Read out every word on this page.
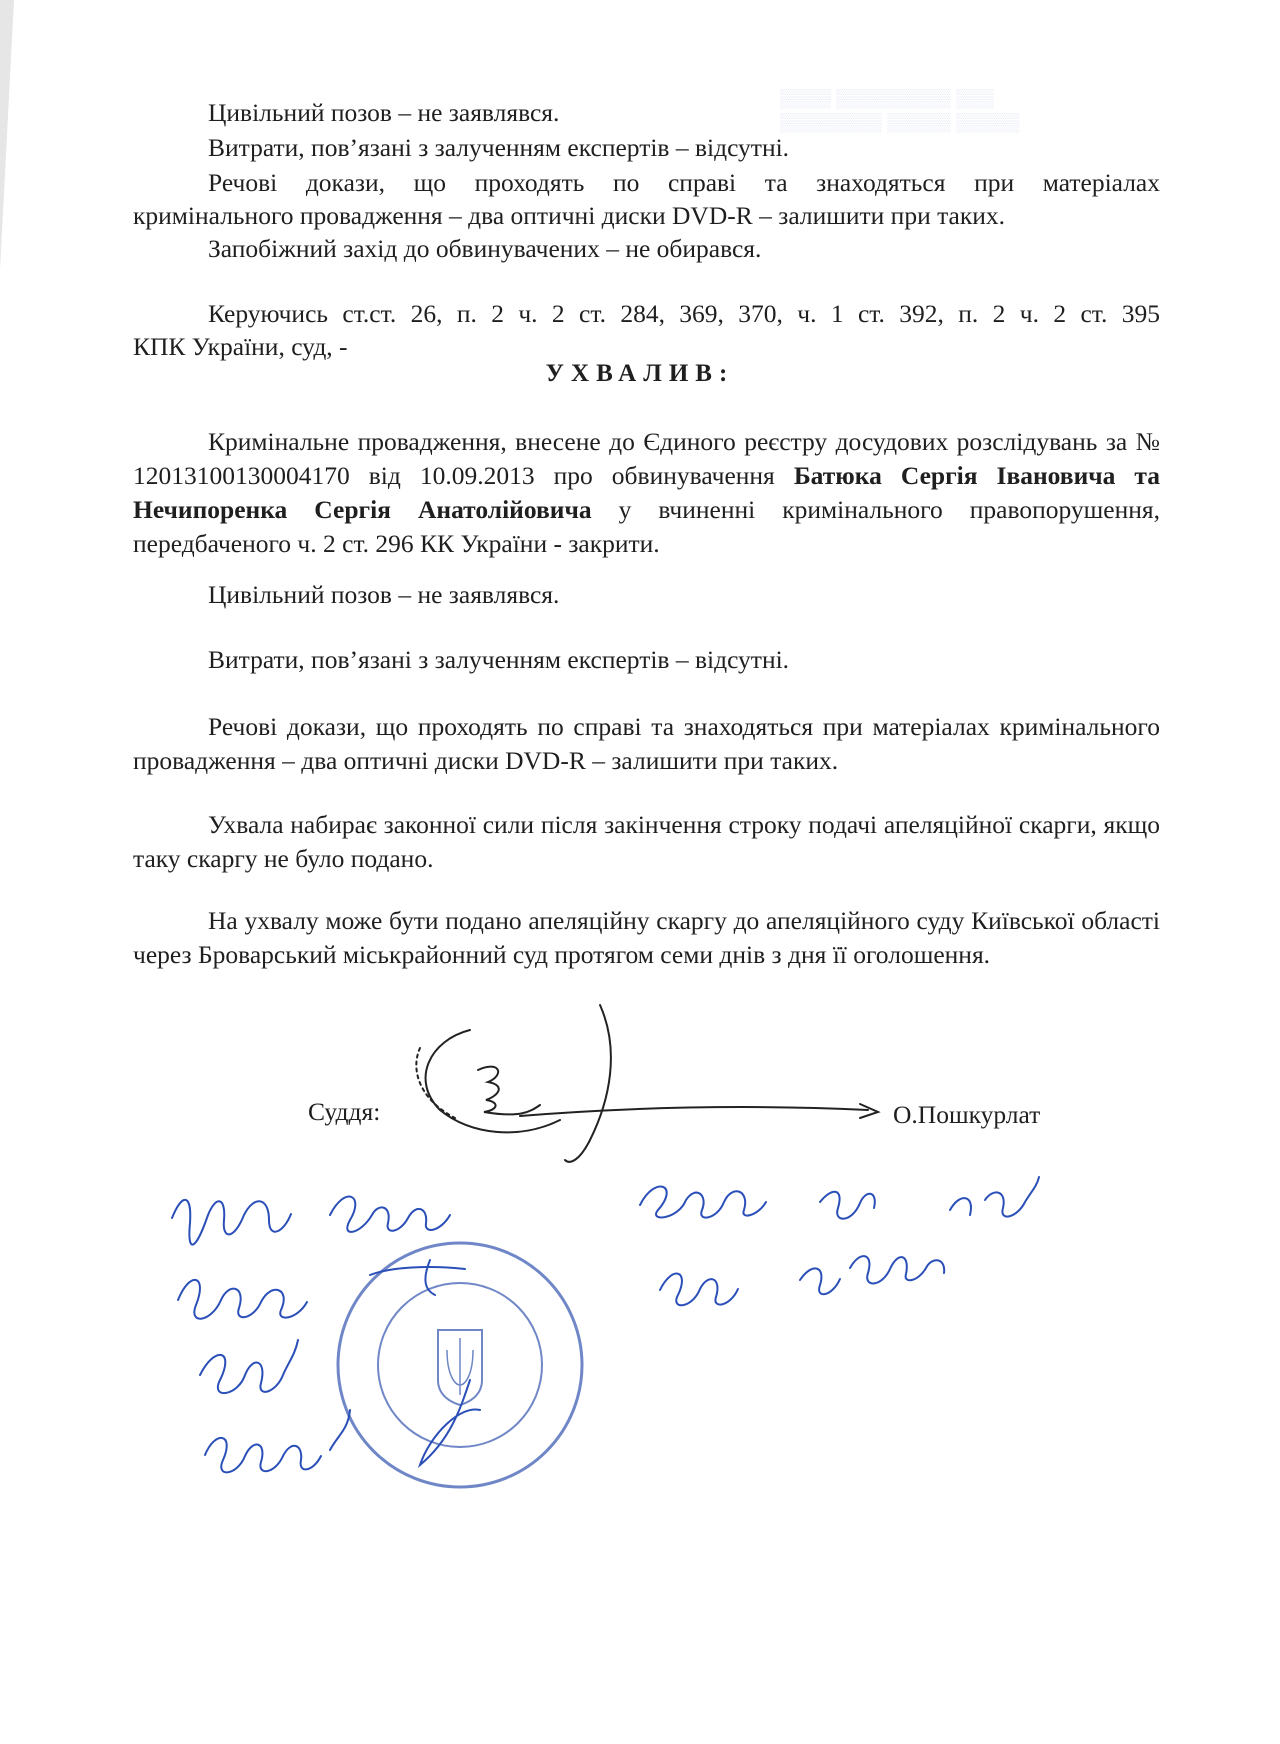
▒▒▒▒ ▒▒▒▒▒▒▒▒▒ ▒▒▒
▒▒▒▒▒▒▒▒ ▒▒▒▒▒ ▒▒▒▒▒
Цивільний позов – не заявлявся.
Витрати, пов’язані з залученням експертів – відсутні.
Речові докази, що проходять по справі та знаходяться при матеріалах
кримінального провадження – два оптичні диски DVD-R – залишити при таких.
Запобіжний захід до обвинувачених – не обирався.
Керуючись ст.ст. 26, п. 2 ч. 2 ст. 284, 369, 370, ч. 1 ст. 392, п. 2 ч. 2 ст. 395
КПК України, суд, -
УХВАЛИВ:

Кримінальне провадження, внесене до Єдиного реєстру досудових розслідувань за № 12013100130004170 від 10.09.2013 про обвинувачення Батюка Сергія Івановича та Нечипоренка Сергія Анатолійовича у вчиненні кримінального правопорушення, передбаченого ч. 2 ст. 296 КК України - закрити.

Цивільний позов – не заявлявся.

Витрати, пов’язані з залученням експертів – відсутні.

Речові докази, що проходять по справі та знаходяться при матеріалах кримінального провадження – два оптичні диски DVD-R – залишити при таких.

Ухвала набирає законної сили після закінчення строку подачі апеляційної скарги, якщо таку скаргу не було подано.

На ухвалу може бути подано апеляційну скаргу до апеляційного суду Київської області через Броварський міськрайонний суд протягом семи днів з дня її оголошення.

Суддя:	О.Пошкурлат
